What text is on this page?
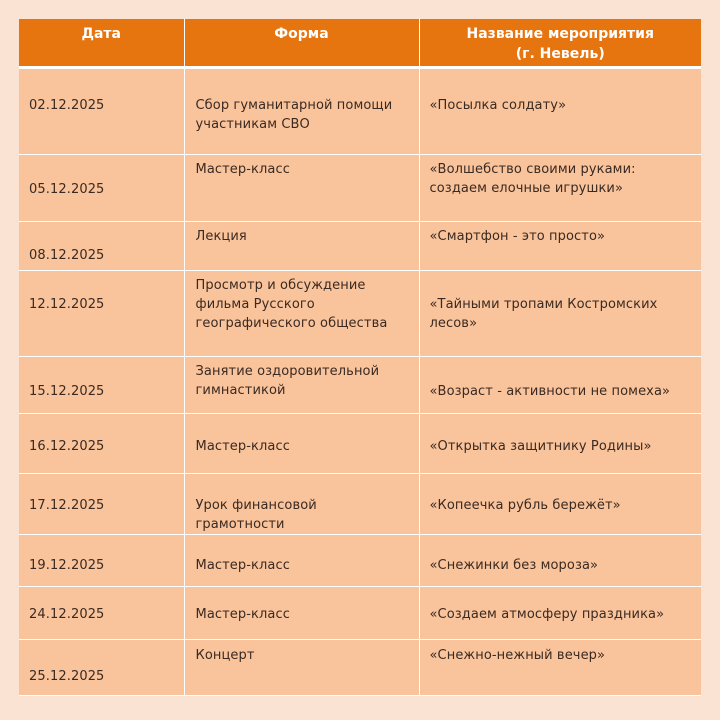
Дата	Форма	Название мероприятия
(г. Невель)

02.12.2025	Сбор гуманитарной помощи участникам СВО	«Посылка солдату»

05.12.2025	Мастер-класс	«Волшебство своими руками: создаем елочные игрушки»

08.12.2025	Лекция	«Смартфон - это просто»

12.12.2025	Просмотр и обсуждение фильма Русского географического общества	«Тайными тропами Костромских лесов»

15.12.2025	Занятие оздоровительной гимнастикой	«Возраст - активности не помеха»

16.12.2025	Мастер-класс	«Открытка защитнику Родины»

17.12.2025	Урок финансовой грамотности	«Копеечка рубль бережёт»

19.12.2025	Мастер-класс	«Снежинки без мороза»

24.12.2025	Мастер-класс	«Создаем атмосферу праздника»

25.12.2025	Концерт	«Снежно-нежный вечер»
